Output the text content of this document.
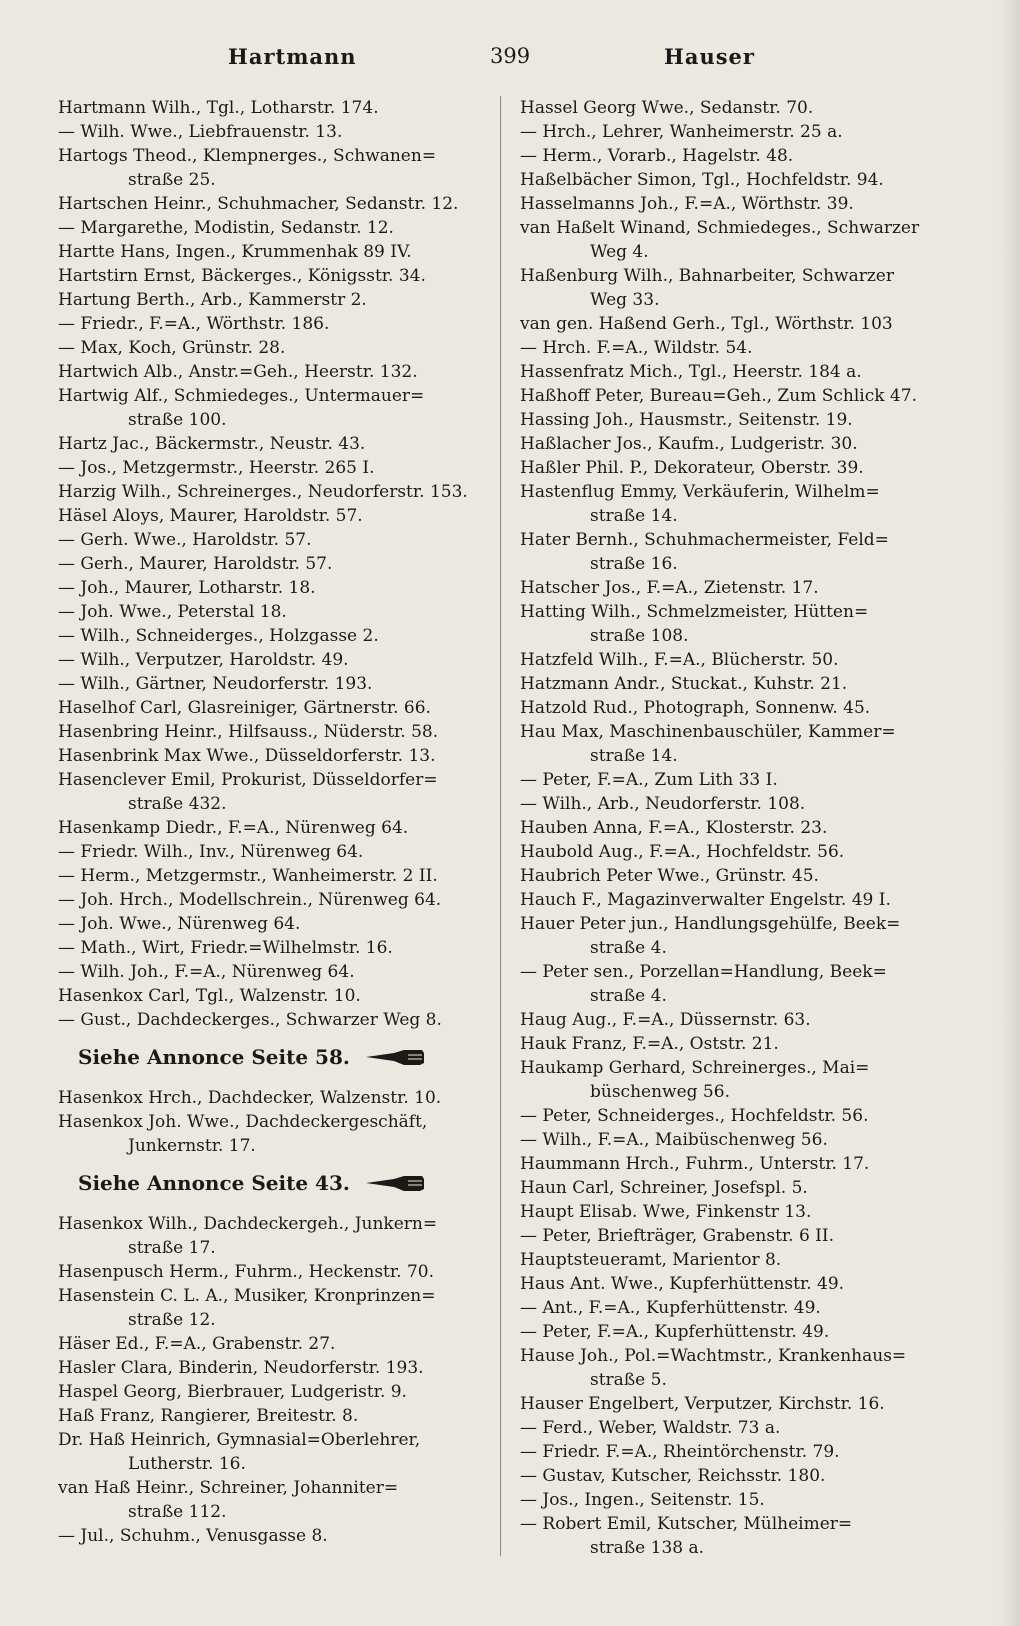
Hartmann	399	Hauser
Hartmann Wilh., Tgl., Lotharstr. 174.
— Wilh. Wwe., Liebfrauenstr. 13.
Hartogs Theod., Klempnerges., Schwanen=
straße 25.
Hartschen Heinr., Schuhmacher, Sedanstr. 12.
— Margarethe, Modistin, Sedanstr. 12.
Hartte Hans, Ingen., Krummenhak 89 IV.
Hartstirn Ernst, Bäckerges., Königsstr. 34.
Hartung Berth., Arb., Kammerstr 2.
— Friedr., F.=A., Wörthstr. 186.
— Max, Koch, Grünstr. 28.
Hartwich Alb., Anstr.=Geh., Heerstr. 132.
Hartwig Alf., Schmiedeges., Untermauer=
straße 100.
Hartz Jac., Bäckermstr., Neustr. 43.
— Jos., Metzgermstr., Heerstr. 265 I.
Harzig Wilh., Schreinerges., Neudorferstr. 153.
Häsel Aloys, Maurer, Haroldstr. 57.
— Gerh. Wwe., Haroldstr. 57.
— Gerh., Maurer, Haroldstr. 57.
— Joh., Maurer, Lotharstr. 18.
— Joh. Wwe., Peterstal 18.
— Wilh., Schneiderges., Holzgasse 2.
— Wilh., Verputzer, Haroldstr. 49.
— Wilh., Gärtner, Neudorferstr. 193.
Haselhof Carl, Glasreiniger, Gärtnerstr. 66.
Hasenbring Heinr., Hilfsauss., Nüderstr. 58.
Hasenbrink Max Wwe., Düsseldorferstr. 13.
Hasenclever Emil, Prokurist, Düsseldorfer=
straße 432.
Hasenkamp Diedr., F.=A., Nürenweg 64.
— Friedr. Wilh., Inv., Nürenweg 64.
— Herm., Metzgermstr., Wanheimerstr. 2 II.
— Joh. Hrch., Modellschrein., Nürenweg 64.
— Joh. Wwe., Nürenweg 64.
— Math., Wirt, Friedr.=Wilhelmstr. 16.
— Wilh. Joh., F.=A., Nürenweg 64.
Hasenkox Carl, Tgl., Walzenstr. 10.
— Gust., Dachdeckerges., Schwarzer Weg 8.
Siehe Annonce Seite 58.
Hasenkox Hrch., Dachdecker, Walzenstr. 10.
Hasenkox Joh. Wwe., Dachdeckergeschäft,
Junkernstr. 17.
Siehe Annonce Seite 43.
Hasenkox Wilh., Dachdeckergeh., Junkern=
straße 17.
Hasenpusch Herm., Fuhrm., Heckenstr. 70.
Hasenstein C. L. A., Musiker, Kronprinzen=
straße 12.
Häser Ed., F.=A., Grabenstr. 27.
Hasler Clara, Binderin, Neudorferstr. 193.
Haspel Georg, Bierbrauer, Ludgeristr. 9.
Haß Franz, Rangierer, Breitestr. 8.
Dr. Haß Heinrich, Gymnasial=Oberlehrer,
Lutherstr. 16.
van Haß Heinr., Schreiner, Johanniter=
straße 112.
— Jul., Schuhm., Venusgasse 8.
Hassel Georg Wwe., Sedanstr. 70.
— Hrch., Lehrer, Wanheimerstr. 25 a.
— Herm., Vorarb., Hagelstr. 48.
Haßelbächer Simon, Tgl., Hochfeldstr. 94.
Hasselmanns Joh., F.=A., Wörthstr. 39.
van Haßelt Winand, Schmiedeges., Schwarzer
Weg 4.
Haßenburg Wilh., Bahnarbeiter, Schwarzer
Weg 33.
van gen. Haßend Gerh., Tgl., Wörthstr. 103
— Hrch. F.=A., Wildstr. 54.
Hassenfratz Mich., Tgl., Heerstr. 184 a.
Haßhoff Peter, Bureau=Geh., Zum Schlick 47.
Hassing Joh., Hausmstr., Seitenstr. 19.
Haßlacher Jos., Kaufm., Ludgeristr. 30.
Haßler Phil. P., Dekorateur, Oberstr. 39.
Hastenflug Emmy, Verkäuferin, Wilhelm=
straße 14.
Hater Bernh., Schuhmachermeister, Feld=
straße 16.
Hatscher Jos., F.=A., Zietenstr. 17.
Hatting Wilh., Schmelzmeister, Hütten=
straße 108.
Hatzfeld Wilh., F.=A., Blücherstr. 50.
Hatzmann Andr., Stuckat., Kuhstr. 21.
Hatzold Rud., Photograph, Sonnenw. 45.
Hau Max, Maschinenbauschüler, Kammer=
straße 14.
— Peter, F.=A., Zum Lith 33 I.
— Wilh., Arb., Neudorferstr. 108.
Hauben Anna, F.=A., Klosterstr. 23.
Haubold Aug., F.=A., Hochfeldstr. 56.
Haubrich Peter Wwe., Grünstr. 45.
Hauch F., Magazinverwalter Engelstr. 49 I.
Hauer Peter jun., Handlungsgehülfe, Beek=
straße 4.
— Peter sen., Porzellan=Handlung, Beek=
straße 4.
Haug Aug., F.=A., Düssernstr. 63.
Hauk Franz, F.=A., Oststr. 21.
Haukamp Gerhard, Schreinerges., Mai=
büschenweg 56.
— Peter, Schneiderges., Hochfeldstr. 56.
— Wilh., F.=A., Maibüschenweg 56.
Haummann Hrch., Fuhrm., Unterstr. 17.
Haun Carl, Schreiner, Josefspl. 5.
Haupt Elisab. Wwe, Finkenstr 13.
— Peter, Briefträger, Grabenstr. 6 II.
Hauptsteueramt, Marientor 8.
Haus Ant. Wwe., Kupferhüttenstr. 49.
— Ant., F.=A., Kupferhüttenstr. 49.
— Peter, F.=A., Kupferhüttenstr. 49.
Hause Joh., Pol.=Wachtmstr., Krankenhaus=
straße 5.
Hauser Engelbert, Verputzer, Kirchstr. 16.
— Ferd., Weber, Waldstr. 73 a.
— Friedr. F.=A., Rheintörchenstr. 79.
— Gustav, Kutscher, Reichsstr. 180.
— Jos., Ingen., Seitenstr. 15.
— Robert Emil, Kutscher, Mülheimer=
straße 138 a.
